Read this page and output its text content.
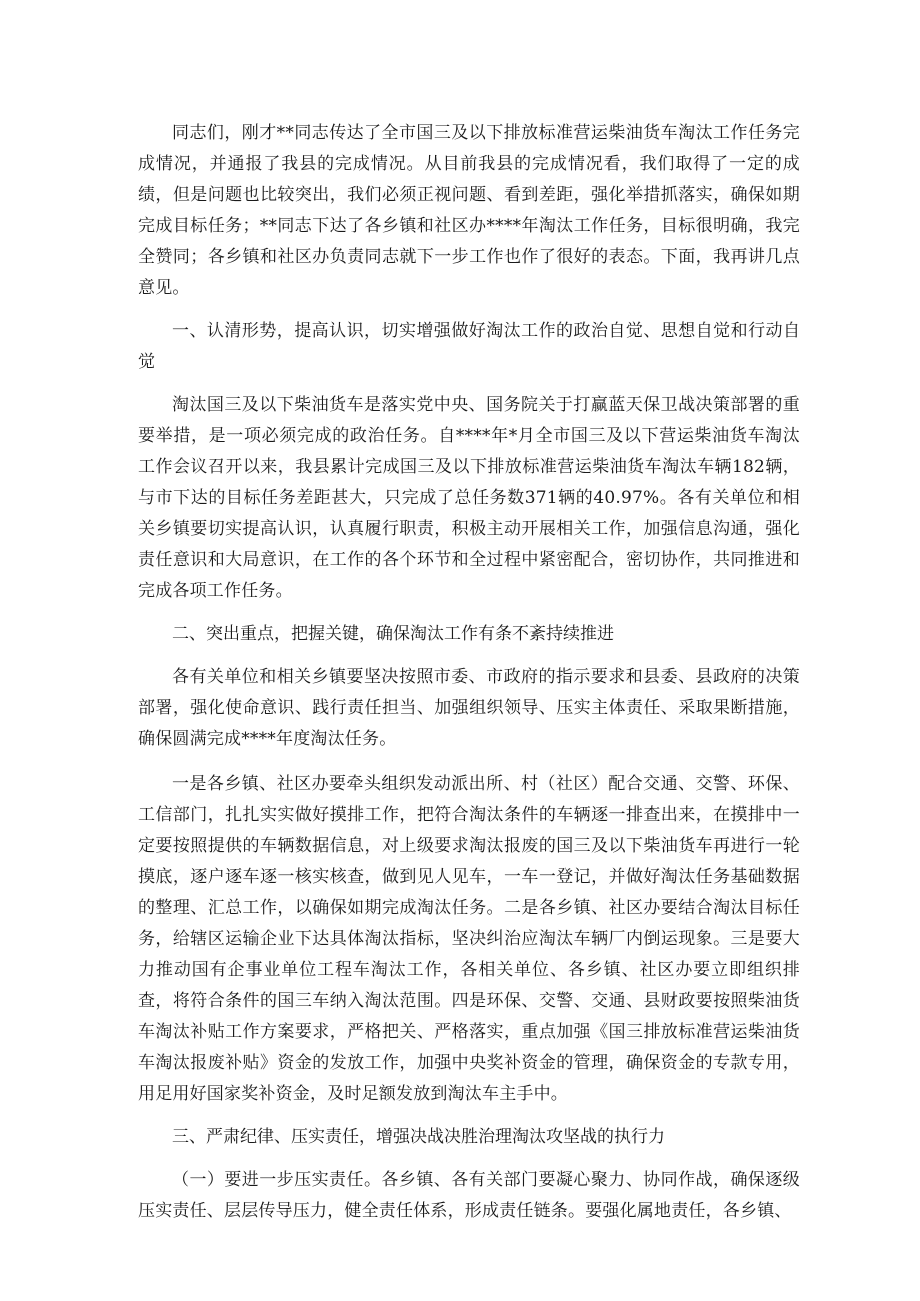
同志们，刚才**同志传达了全市国三及以下排放标准营运柴油货车淘汰工作任务完成情况，并通报了我县的完成情况。从目前我县的完成情况看，我们取得了一定的成绩，但是问题也比较突出，我们必须正视问题、看到差距，强化举措抓落实，确保如期完成目标任务；**同志下达了各乡镇和社区办****年淘汰工作任务，目标很明确，我完全赞同；各乡镇和社区办负责同志就下一步工作也作了很好的表态。下面，我再讲几点意见。

一、认清形势，提高认识，切实增强做好淘汰工作的政治自觉、思想自觉和行动自觉

淘汰国三及以下柴油货车是落实党中央、国务院关于打赢蓝天保卫战决策部署的重要举措，是一项必须完成的政治任务。自****年*月全市国三及以下营运柴油货车淘汰工作会议召开以来，我县累计完成国三及以下排放标准营运柴油货车淘汰车辆182辆，与市下达的目标任务差距甚大，只完成了总任务数371辆的40.97%。各有关单位和相关乡镇要切实提高认识，认真履行职责，积极主动开展相关工作，加强信息沟通，强化责任意识和大局意识，在工作的各个环节和全过程中紧密配合，密切协作，共同推进和完成各项工作任务。

二、突出重点，把握关键，确保淘汰工作有条不紊持续推进

各有关单位和相关乡镇要坚决按照市委、市政府的指示要求和县委、县政府的决策部署，强化使命意识、践行责任担当、加强组织领导、压实主体责任、采取果断措施，确保圆满完成****年度淘汰任务。

一是各乡镇、社区办要牵头组织发动派出所、村（社区）配合交通、交警、环保、工信部门，扎扎实实做好摸排工作，把符合淘汰条件的车辆逐一排查出来，在摸排中一定要按照提供的车辆数据信息，对上级要求淘汰报废的国三及以下柴油货车再进行一轮摸底，逐户逐车逐一核实核查，做到见人见车，一车一登记，并做好淘汰任务基础数据的整理、汇总工作，以确保如期完成淘汰任务。二是各乡镇、社区办要结合淘汰目标任务，给辖区运输企业下达具体淘汰指标，坚决纠治应淘汰车辆厂内倒运现象。三是要大力推动国有企事业单位工程车淘汰工作，各相关单位、各乡镇、社区办要立即组织排查，将符合条件的国三车纳入淘汰范围。四是环保、交警、交通、县财政要按照柴油货车淘汰补贴工作方案要求，严格把关、严格落实，重点加强《国三排放标准营运柴油货车淘汰报废补贴》资金的发放工作，加强中央奖补资金的管理，确保资金的专款专用，用足用好国家奖补资金，及时足额发放到淘汰车主手中。

三、严肃纪律、压实责任，增强决战决胜治理淘汰攻坚战的执行力

（一）要进一步压实责任。各乡镇、各有关部门要凝心聚力、协同作战，确保逐级压实责任、层层传导压力，健全责任体系，形成责任链条。要强化属地责任，各乡镇、
